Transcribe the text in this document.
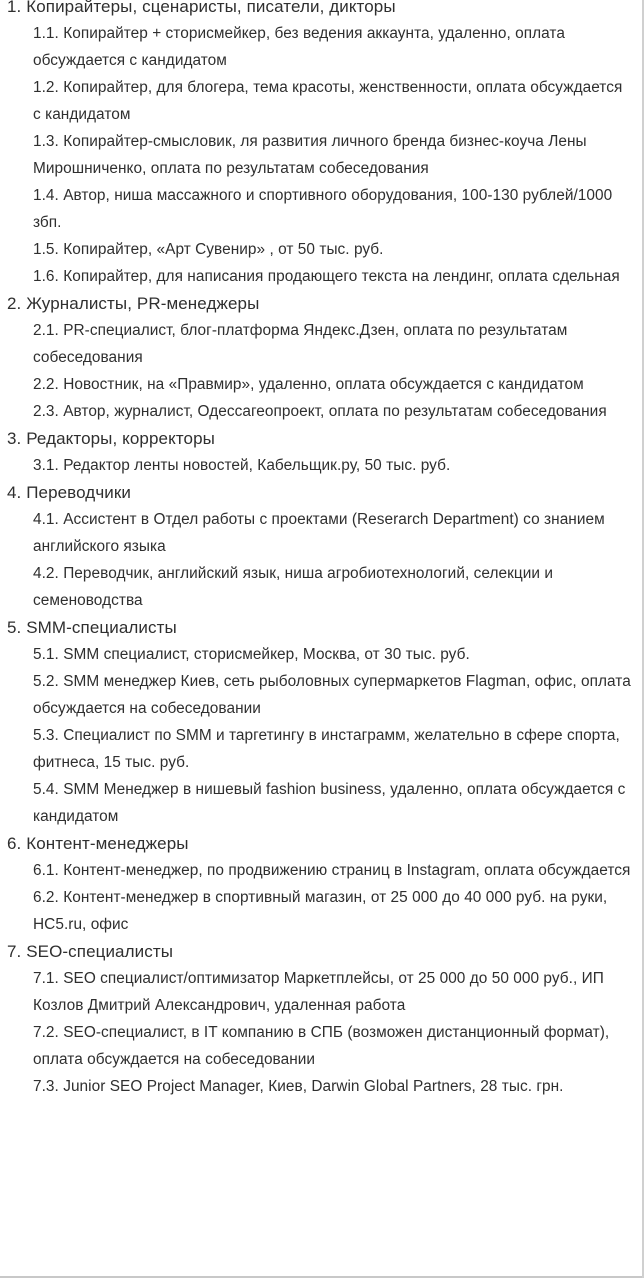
1. Копирайтеры, сценаристы, писатели, дикторы

1.1. Копирайтер + сторисмейкер, без ведения аккаунта, удаленно, оплата обсуждается с кандидатом
1.2. Копирайтер, для блогера, тема красоты, женственности, оплата обсуждается с кандидатом
1.3. Копирайтер-смысловик, ля развития личного бренда бизнес-коуча Лены Мирошниченко, оплата по результатам собеседования
1.4. Автор, ниша массажного и спортивного оборудования, 100-130 рублей/1000 збп.
1.5. Копирайтер, «Арт Сувенир» , от 50 тыс. руб.
1.6. Копирайтер, для написания продающего текста на лендинг, оплата сдельная

2. Журналисты, PR-менеджеры

2.1. PR-специалист, блог-платформа Яндекс.Дзен, оплата по результатам собеседования
2.2. Новостник, на «Правмир», удаленно, оплата обсуждается с кандидатом
2.3. Автор, журналист, Одессагеопроект, оплата по результатам собеседования

3. Редакторы, корректоры

3.1. Редактор ленты новостей, Кабельщик.ру, 50 тыс. руб.

4. Переводчики

4.1. Ассистент в Отдел работы с проектами (Reserarch Department) со знанием английского языка
4.2. Переводчик, английский язык, ниша агробиотехнологий, селекции и семеноводства

5. SMM-специалисты

5.1. SMM специалист, сторисмейкер, Москва, от 30 тыс. руб.
5.2. SMM менеджер Киев, сеть рыболовных супермаркетов Flagman, офис, оплата обсуждается на собеседовании
5.3. Специалист по SMM и таргетингу в инстаграмм, желательно в сфере спорта, фитнеса, 15 тыс. руб.
5.4. SMM Менеджер в нишевый fashion business, удаленно, оплата обсуждается с кандидатом

6. Контент-менеджеры

6.1. Контент-менеджер, по продвижению страниц в Instagram, оплата обсуждается
6.2. Контент-менеджер в спортивный магазин, от 25 000 до 40 000 руб. на руки, HC5.ru, офис

7. SEO-специалисты

7.1. SEO специалист/оптимизатор Маркетплейсы, от 25 000 до 50 000 руб., ИП Козлов Дмитрий Александрович, удаленная работа
7.2. SEO-специалист, в IT компанию в СПБ (возможен дистанционный формат), оплата обсуждается на собеседовании
7.3. Junior SEO Project Manager, Киев, Darwin Global Partners, 28 тыс. грн.
